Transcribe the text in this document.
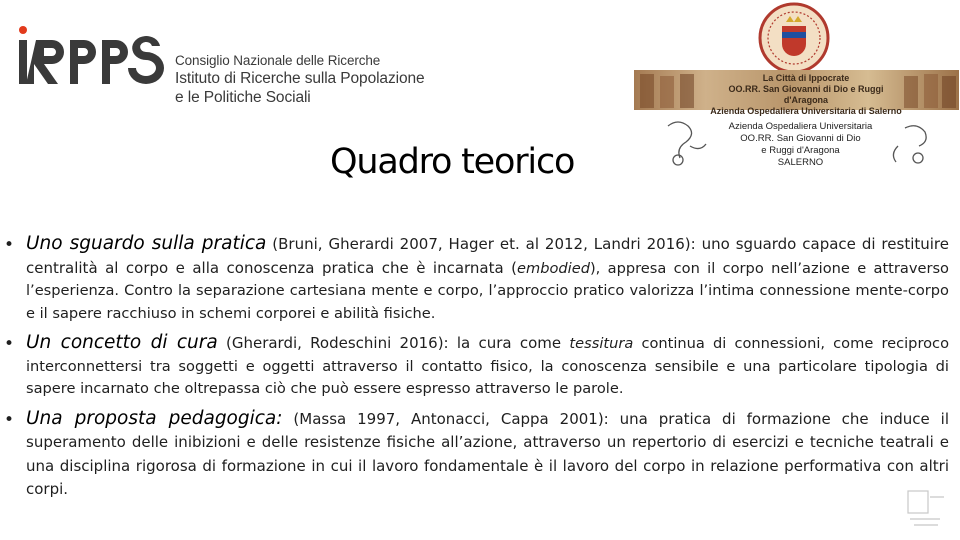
Consiglio Nazionale delle Ricerche
Istituto di Ricerche sulla Popolazione
e le Politiche Sociali
La Città di Ippocrate
OO.RR. San Giovanni di Dio e Ruggi d'Aragona
Azienda Ospedaliera Universitaria di Salerno
Azienda Ospedaliera Universitaria
OO.RR. San Giovanni di Dio
e Ruggi d'Aragona
SALERNO
Quadro teorico
• Uno sguardo sulla pratica (Bruni, Gherardi 2007, Hager et. al 2012, Landri 2016): uno sguardo capace di restituire centralità al corpo e alla conoscenza pratica che è incarnata (embodied), appresa con il corpo nell’azione e attraverso l’esperienza. Contro la separazione cartesiana mente e corpo, l’approccio pratico valorizza l’intima connessione mente-corpo e il sapere racchiuso in schemi corporei e abilità fisiche.
• Un concetto di cura (Gherardi, Rodeschini 2016): la cura come tessitura continua di connessioni, come reciproco interconnettersi tra soggetti e oggetti attraverso il contatto fisico, la conoscenza sensibile e una particolare tipologia di sapere incarnato che oltrepassa ciò che può essere espresso attraverso le parole.
• Una proposta pedagogica: (Massa 1997, Antonacci, Cappa 2001): una pratica di formazione che induce il superamento delle inibizioni e delle resistenze fisiche all’azione, attraverso un repertorio di esercizi e tecniche teatrali e una disciplina rigorosa di formazione in cui il lavoro fondamentale è il lavoro del corpo in relazione performativa con altri corpi.
